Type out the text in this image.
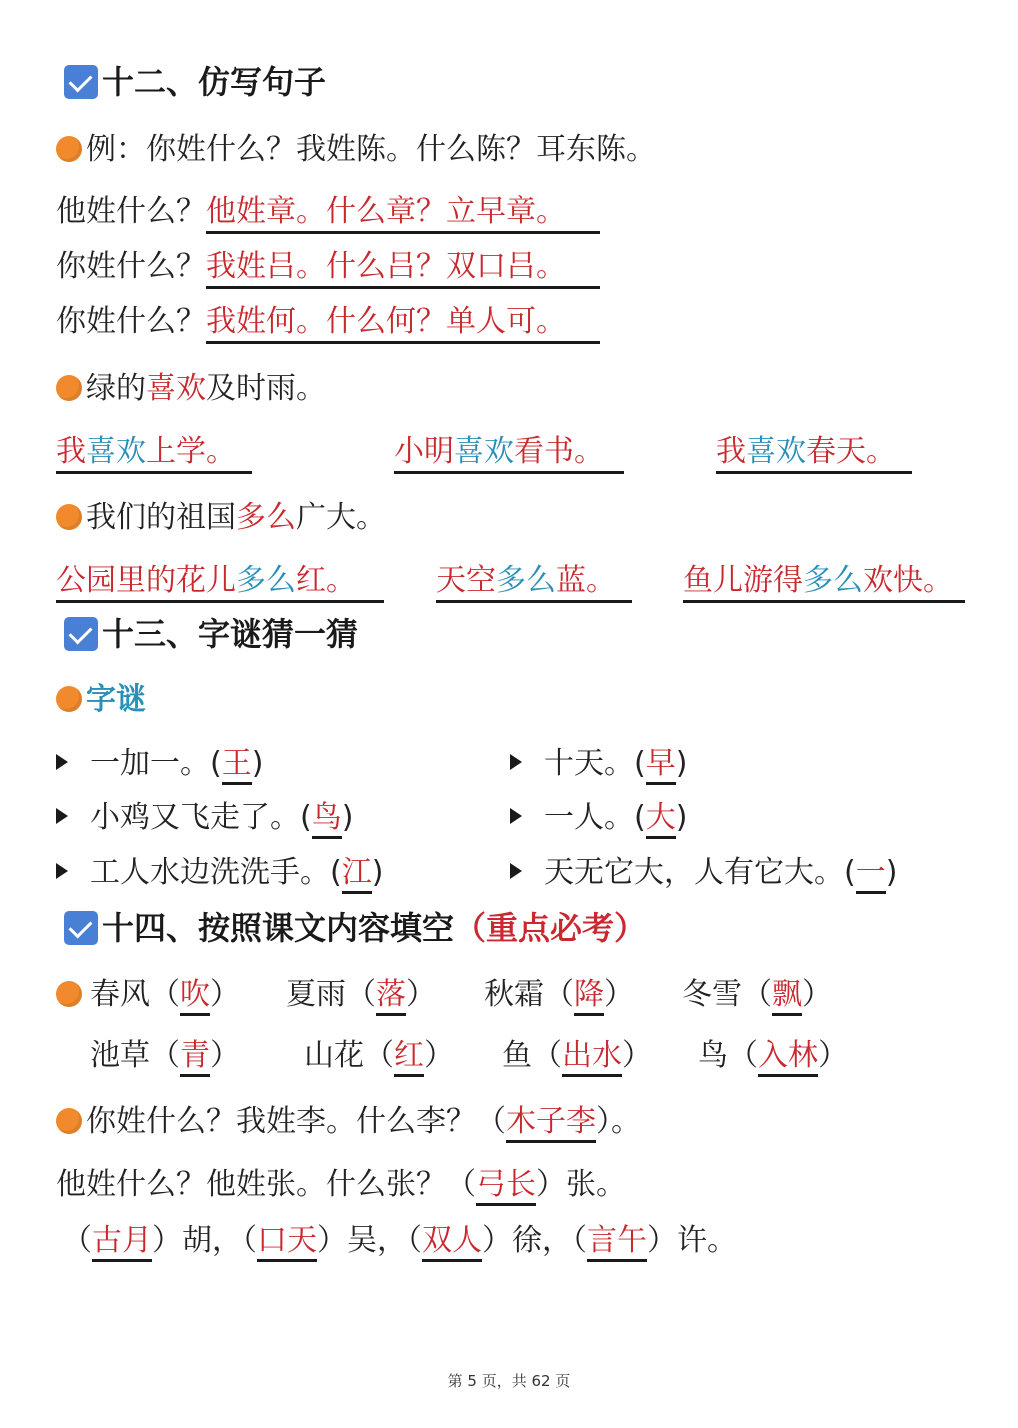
十二、仿写句子
例：你姓什么？我姓陈。什么陈？耳东陈。
他姓什么？他姓章。什么章？立早章。
你姓什么？我姓吕。什么吕？双口吕。
你姓什么？我姓何。什么何？单人可。
绿的喜欢及时雨。
我喜欢上学。	小明喜欢看书。	我喜欢春天。
我们的祖国多么广大。
公园里的花儿多么红。	天空多么蓝。	鱼儿游得多么欢快。
十三、字谜猜一猜
字谜
一加一。(王)
小鸡又飞走了。(鸟)
工人水边洗洗手。(江)
十天。(早)
一人。(大)
天无它大，人有它大。(一)
十四、按照课文内容填空 （重点必考）
春风（吹） 夏雨（落） 秋霜（降） 冬雪（飘）
池草（青） 山花（红） 鱼（出水） 鸟（入林）
你姓什么？我姓李。什么李？（木子李）。
他姓什么？他姓张。什么张？（弓长）张。
（古月）胡，（口天）吴，（双人）徐，（言午）许。
第 5 页，共 62 页
